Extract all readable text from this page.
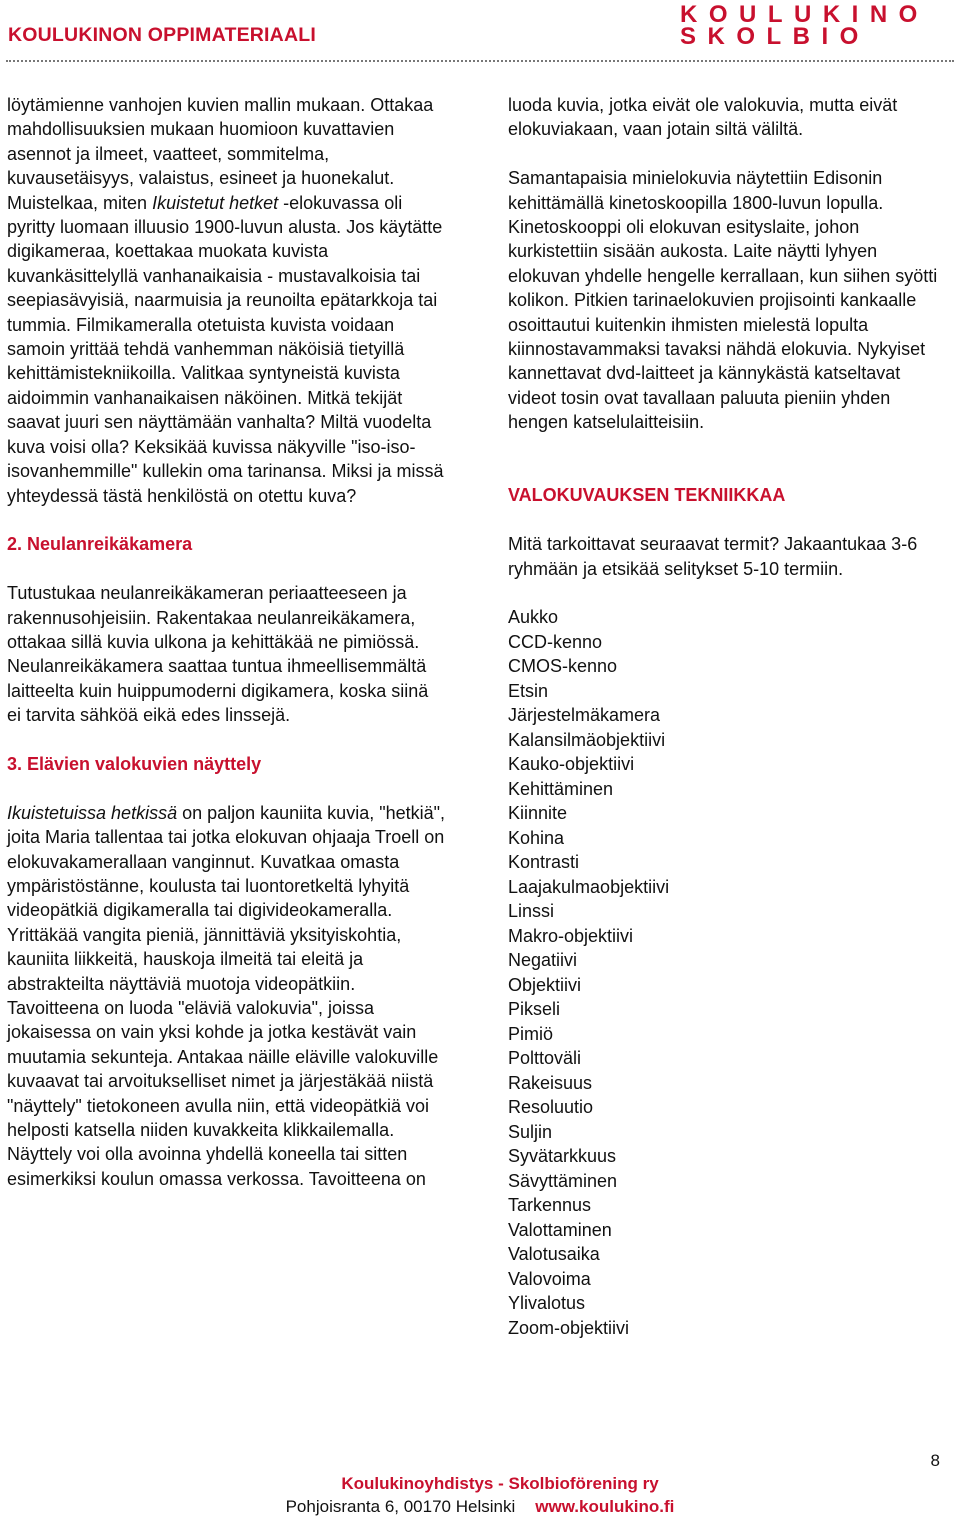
KOULUKINON OPPIMATERIAALI
KOULUKINO
SKOLBIO

löytämienne vanhojen kuvien mallin mukaan. Ottakaa mahdollisuuksien mukaan huomioon kuvattavien asennot ja ilmeet, vaatteet, sommitelma, kuvausetäisyys, valaistus, esineet ja huonekalut. Muistelkaa, miten Ikuistetut hetket -elokuvassa oli pyritty luomaan illuusio 1900-luvun alusta. Jos käytätte digikameraa, koettakaa muokata kuvista kuvankäsittelyllä vanhanaikaisia - mustavalkoisia tai seepiasävyisiä, naarmuisia ja reunoilta epätarkkoja tai tummia. Filmikameralla otetuista kuvista voidaan samoin yrittää tehdä vanhemman näköisiä tietyillä kehittämistekniikoilla. Valitkaa syntyneistä kuvista aidoimmin vanhanaikaisen näköinen. Mitkä tekijät saavat juuri sen näyttämään vanhalta? Miltä vuodelta kuva voisi olla? Keksikää kuvissa näkyville "iso-iso-isovanhemmille" kullekin oma tarinansa. Miksi ja missä yhteydessä tästä henkilöstä on otettu kuva?

2. Neulanreikäkamera

Tutustukaa neulanreikäkameran periaatteeseen ja rakennusohjeisiin. Rakentakaa neulanreikäkamera, ottakaa sillä kuvia ulkona ja kehittäkää ne pimiössä. Neulanreikäkamera saattaa tuntua ihmeellisemmältä laitteelta kuin huippumoderni digikamera, koska siinä ei tarvita sähköä eikä edes linssejä.

3. Elävien valokuvien näyttely

Ikuistetuissa hetkissä on paljon kauniita kuvia, "hetkiä", joita Maria tallentaa tai jotka elokuvan ohjaaja Troell on elokuvakamerallaan vanginnut. Kuvatkaa omasta ympäristöstänne, koulusta tai luontoretkeltä lyhyitä videopätkiä digikameralla tai digivideokameralla. Yrittäkää vangita pieniä, jännittäviä yksityiskohtia, kauniita liikkeitä, hauskoja ilmeitä tai eleitä ja abstrakteilta näyttäviä muotoja videopätkiin. Tavoitteena on luoda "eläviä valokuvia", joissa jokaisessa on vain yksi kohde ja jotka kestävät vain muutamia sekunteja. Antakaa näille eläville valokuville kuvaavat tai arvoitukselliset nimet ja järjestäkää niistä "näyttely" tietokoneen avulla niin, että videopätkiä voi helposti katsella niiden kuvakkeita klikkailemalla. Näyttely voi olla avoinna yhdellä koneella tai sitten esimerkiksi koulun omassa verkossa. Tavoitteena on

luoda kuvia, jotka eivät ole valokuvia, mutta eivät elokuviakaan, vaan jotain siltä väliltä.

Samantapaisia minielokuvia näytettiin Edisonin kehittämällä kinetoskoopilla 1800-luvun lopulla. Kinetoskooppi oli elokuvan esityslaite, johon kurkistettiin sisään aukosta. Laite näytti lyhyen elokuvan yhdelle hengelle kerrallaan, kun siihen syötti kolikon. Pitkien tarinaelokuvien projisointi kankaalle osoittautui kuitenkin ihmisten mielestä lopulta kiinnostavammaksi tavaksi nähdä elokuvia. Nykyiset kannettavat dvd-laitteet ja kännykästä katseltavat videot tosin ovat tavallaan paluuta pieniin yhden hengen katselulaitteisiin.

VALOKUVAUKSEN TEKNIIKKAA

Mitä tarkoittavat seuraavat termit? Jakaantukaa 3-6 ryhmään ja etsikää selitykset 5-10 termiin.

Aukko
CCD-kenno
CMOS-kenno
Etsin
Järjestelmäkamera
Kalansilmäobjektiivi
Kauko-objektiivi
Kehittäminen
Kiinnite
Kohina
Kontrasti
Laajakulmaobjektiivi
Linssi
Makro-objektiivi
Negatiivi
Objektiivi
Pikseli
Pimiö
Polttoväli
Rakeisuus
Resoluutio
Suljin
Syvätarkkuus
Sävyttäminen
Tarkennus
Valottaminen
Valotusaika
Valovoima
Ylivalotus
Zoom-objektiivi
Koulukinoyhdistys - Skolbioförening ry
Pohjoisranta 6, 00170 Helsinki www.koulukino.fi
8
